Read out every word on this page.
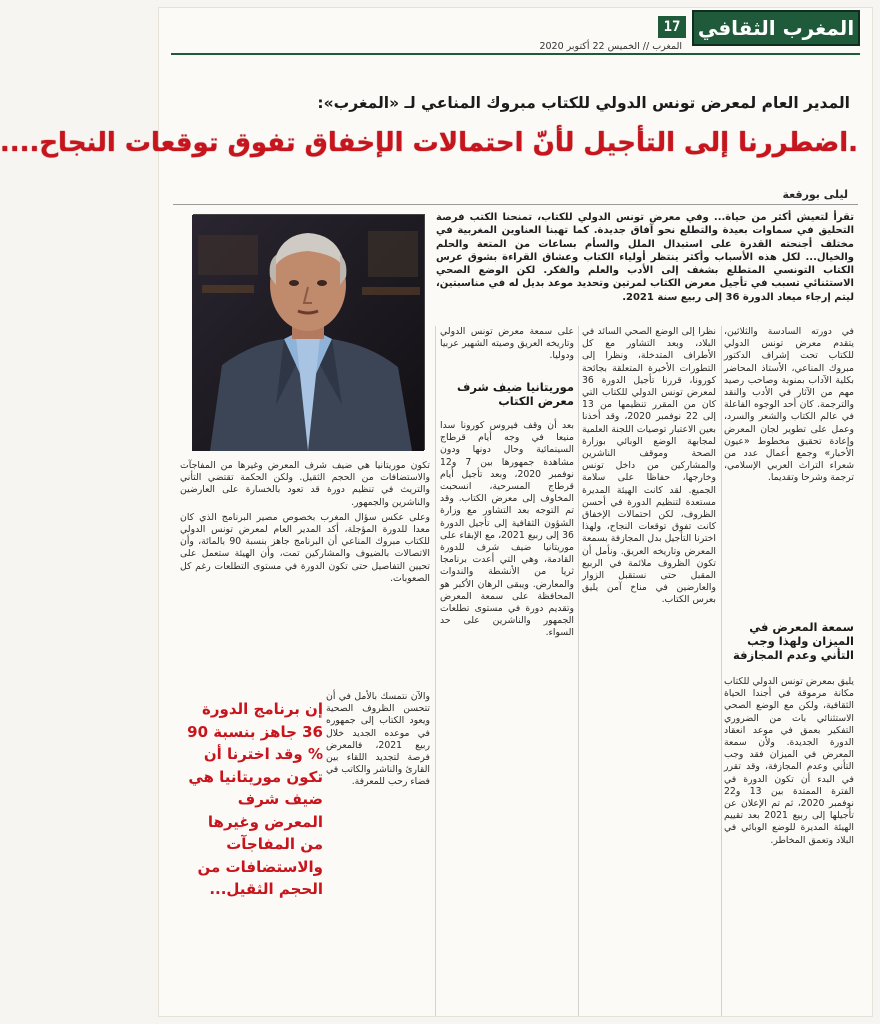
المغرب الثقافي
17
المغرب // الخميس 22 أكتوبر 2020
المدير العام لمعرض تونس الدولي للكتاب مبروك المناعي لـ «المغرب»:
.اضطررنا إلى التأجيل لأنّ احتمالات الإخفاق تفوق توقعات النجاح....
ليلى بورقعة
تقرأ لتعيش أكثر من حياة... وفي معرض تونس الدولي للكتاب، تمنحنا الكتب فرصة التحليق في سماوات بعيدة والتطلع نحو آفاق جديدة. كما تهبنا العناوين المغربية في مختلف أجنحته القدرة على استبدال الملل والسأم بساعات من المتعة والحلم والخيال... لكل هذه الأسباب وأكثر ينتظر أولياء الكتاب وعشاق القراءة بشوق عرس الكتاب التونسي المتطلع بشغف إلى الأدب والعلم والفكر. لكن الوضع الصحي الاستثنائي تسبب في تأجيل معرض الكتاب لمرتين وتحديد موعد بديل له في مناسبتين، ليتم إرجاء ميعاد الدورة 36 إلى ربيع سنة 2021.
في دورته السادسة والثلاثين، يتقدم معرض تونس الدولي للكتاب تحت إشراف الدكتور مبروك المناعي، الأستاذ المحاضر بكلية الآداب بمنوبة وصاحب رصيد مهم من الآثار في الأدب والنقد والترجمة. كان أحد الوجوه الفاعلة في عالم الكتاب والشعر والسرد، وعمل على تطوير لجان المعرض وإعادة تحقيق مخطوط «عيون الأخبار» وجمع أعمال عدد من شعراء التراث العربي الإسلامي، ترجمة وشرحا وتقديما.
سمعة المعرض في الميزان ولهذا وجب التأني وعدم المجازفة
يليق بمعرض تونس الدولي للكتاب مكانة مرموقة في أجندا الحياة الثقافية، ولكن مع الوضع الصحي الاستثنائي بات من الضروري التفكير بعمق في موعد انعقاد الدورة الجديدة. ولأن سمعة المعرض في الميزان فقد وجب التأني وعدم المجازفة، وقد تقرر في البدء أن تكون الدورة في الفترة الممتدة بين 13 و22 نوفمبر 2020، ثم تم الإعلان عن تأجيلها إلى ربيع 2021 بعد تقييم الهيئة المديرة للوضع الوبائي في البلاد وتعمق المخاطر.
نظرا إلى الوضع الصحي السائد في البلاد، وبعد التشاور مع كل الأطراف المتدخلة، ونظرا إلى التطورات الأخيرة المتعلقة بجائحة كورونا، قررنا تأجيل الدورة 36 لمعرض تونس الدولي للكتاب التي كان من المقرر تنظيمها من 13 إلى 22 نوفمبر 2020، وقد أخذنا بعين الاعتبار توصيات اللجنة العلمية لمجابهة الوضع الوبائي بوزارة الصحة وموقف الناشرين والمشاركين من داخل تونس وخارجها، حفاظا على سلامة الجميع. لقد كانت الهيئة المديرة مستعدة لتنظيم الدورة في أحسن الظروف، لكن احتمالات الإخفاق كانت تفوق توقعات النجاح، ولهذا اخترنا التأجيل بدل المجازفة بسمعة المعرض وتاريخه العريق. ونأمل أن تكون الظروف ملائمة في الربيع المقبل حتى نستقبل الزوار والعارضين في مناخ آمن يليق بعرس الكتاب.
على سمعة معرض تونس الدولي وتاريخه العريق وصيته الشهير عربيا ودوليا.
موريتانيا ضيف شرف معرض الكتاب
بعد أن وقف فيروس كورونا سدا منيعا في وجه أيام قرطاج السينمائية وحال دونها ودون مشاهدة جمهورها بين 7 و12 نوفمبر 2020، وبعد تأجيل أيام قرطاج المسرحية، انسحبت المخاوف إلى معرض الكتاب. وقد تم التوجه بعد التشاور مع وزارة الشؤون الثقافية إلى تأجيل الدورة 36 إلى ربيع 2021، مع الإبقاء على موريتانيا ضيف شرف للدورة القادمة، وهي التي أعدت برنامجا ثريا من الأنشطة والندوات والمعارض. ويبقى الرهان الأكبر هو المحافظة على سمعة المعرض وتقديم دورة في مستوى تطلعات الجمهور والناشرين على حد السواء.

تكون موريتانيا هي ضيف شرف المعرض وغيرها من المفاجآت والاستضافات من الحجم الثقيل. ولكن الحكمة تقتضي التأني والتريث في تنظيم دورة قد تعود بالخسارة على العارضين والناشرين والجمهور.

وعلى عكس سؤال المغرب بخصوص مصير البرنامج الذي كان معدا للدورة المؤجلة، أكد المدير العام لمعرض تونس الدولي للكتاب مبروك المناعي أن البرنامج جاهز بنسبة 90 بالمائة، وأن الاتصالات بالضيوف والمشاركين تمت، وأن الهيئة ستعمل على تحيين التفاصيل حتى تكون الدورة في مستوى التطلعات رغم كل الصعوبات.

إن برنامج الدورة 36 جاهز بنسبة 90 % وقد اخترنا أن تكون موريتانيا هي ضيف شرف المعرض وغيرها من المفاجآت والاستضافات من الحجم الثقيل...
والآن نتمسك بالأمل في أن تتحسن الظروف الصحية ويعود الكتاب إلى جمهوره في موعده الجديد خلال ربيع 2021، فالمعرض فرصة لتجديد اللقاء بين القارئ والناشر والكاتب في فضاء رحب للمعرفة.
